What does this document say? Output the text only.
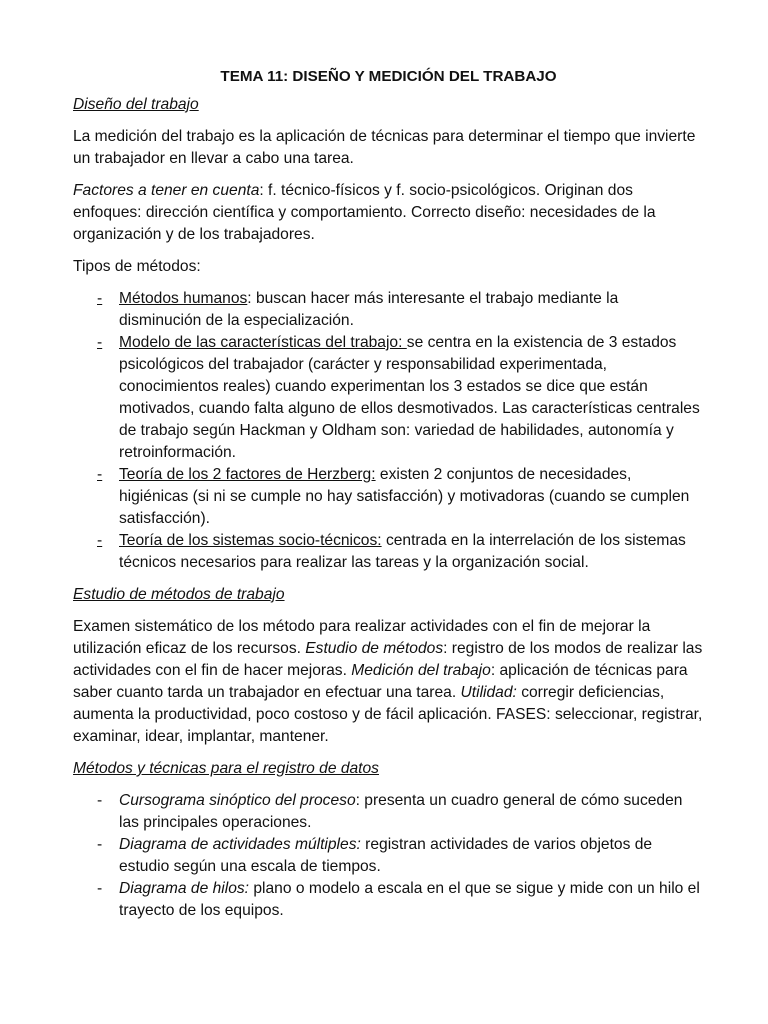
TEMA 11: DISEÑO Y MEDICIÓN DEL TRABAJO
Diseño del trabajo

La medición del trabajo es la aplicación de técnicas para determinar el tiempo que invierte un trabajador en llevar a cabo una tarea.

Factores a tener en cuenta: f. técnico-físicos y f. socio-psicológicos. Originan dos enfoques: dirección científica y comportamiento. Correcto diseño: necesidades de la organización y de los trabajadores.

Tipos de métodos:

- Métodos humanos: buscan hacer más interesante el trabajo mediante la disminución de la especialización.
- Modelo de las características del trabajo: se centra en la existencia de 3 estados psicológicos del trabajador (carácter y responsabilidad experimentada, conocimientos reales) cuando experimentan los 3 estados se dice que están motivados, cuando falta alguno de ellos desmotivados. Las características centrales de trabajo según Hackman y Oldham son: variedad de habilidades, autonomía y retroinformación.
- Teoría de los 2 factores de Herzberg: existen 2 conjuntos de necesidades, higiénicas (si ni se cumple no hay satisfacción) y motivadoras (cuando se cumplen satisfacción).
- Teoría de los sistemas socio-técnicos: centrada en la interrelación de los sistemas técnicos necesarios para realizar las tareas y la organización social.
Estudio de métodos de trabajo

Examen sistemático de los método para realizar actividades con el fin de mejorar la utilización eficaz de los recursos. Estudio de métodos: registro de los modos de realizar las actividades con el fin de hacer mejoras. Medición del trabajo: aplicación de técnicas para saber cuanto tarda un trabajador en efectuar una tarea. Utilidad: corregir deficiencias, aumenta la productividad, poco costoso y de fácil aplicación. FASES: seleccionar, registrar, examinar, idear, implantar, mantener.

Métodos y técnicas para el registro de datos
- Cursograma sinóptico del proceso: presenta un cuadro general de cómo suceden las principales operaciones.
- Diagrama de actividades múltiples: registran actividades de varios objetos de estudio según una escala de tiempos.
- Diagrama de hilos: plano o modelo a escala en el que se sigue y mide con un hilo el trayecto de los equipos.
